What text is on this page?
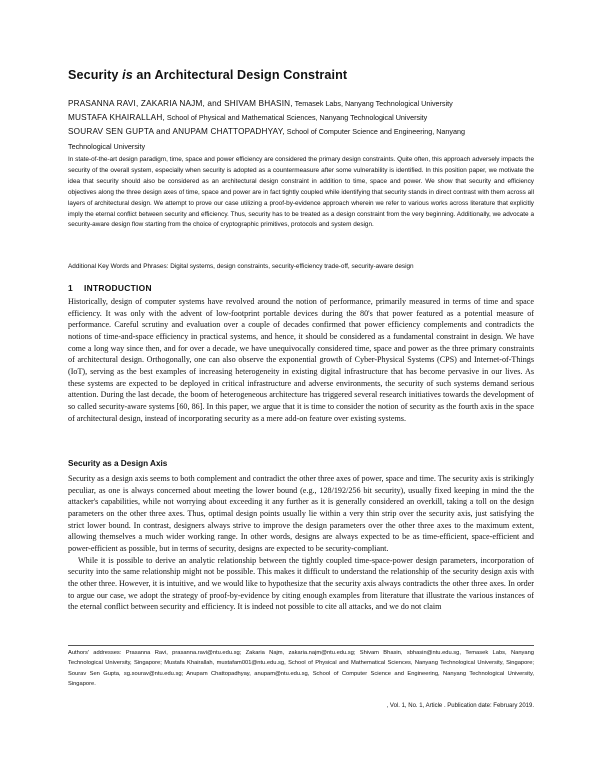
Security is an Architectural Design Constraint
PRASANNA RAVI, ZAKARIA NAJM, and SHIVAM BHASIN, Temasek Labs, Nanyang Technological University
MUSTAFA KHAIRALLAH, School of Physical and Mathematical Sciences, Nanyang Technological University
SOURAV SEN GUPTA and ANUPAM CHATTOPADHYAY, School of Computer Science and Engineering, Nanyang
Technological University
In state-of-the-art design paradigm, time, space and power efficiency are considered the primary design constraints. Quite often, this approach adversely impacts the security of the overall system, especially when security is adopted as a countermeasure after some vulnerability is identified. In this position paper, we motivate the idea that security should also be considered as an architectural design constraint in addition to time, space and power. We show that security and efficiency objectives along the three design axes of time, space and power are in fact tightly coupled while identifying that security stands in direct contrast with them across all layers of architectural design. We attempt to prove our case utilizing a proof-by-evidence approach wherein we refer to various works across literature that explicitly imply the eternal conflict between security and efficiency. Thus, security has to be treated as a design constraint from the very beginning. Additionally, we advocate a security-aware design flow starting from the choice of cryptographic primitives, protocols and system design.
Additional Key Words and Phrases: Digital systems, design constraints, security-efficiency trade-off, security-aware design
1 INTRODUCTION

Historically, design of computer systems have revolved around the notion of performance, primarily measured in terms of time and space efficiency. It was only with the advent of low-footprint portable devices during the 80's that power featured as a potential measure of performance. Careful scrutiny and evaluation over a couple of decades confirmed that power efficiency complements and contradicts the notions of time-and-space efficiency in practical systems, and hence, it should be considered as a fundamental constraint in design. We have come a long way since then, and for over a decade, we have unequivocally considered time, space and power as the three primary constraints of architectural design. Orthogonally, one can also observe the exponential growth of Cyber-Physical Systems (CPS) and Internet-of-Things (IoT), serving as the best examples of increasing heterogeneity in existing digital infrastructure that has become pervasive in our lives. As these systems are expected to be deployed in critical infrastructure and adverse environments, the security of such systems demand serious attention. During the last decade, the boom of heterogeneous architecture has triggered several research initiatives towards the development of so called security-aware systems [60, 86]. In this paper, we argue that it is time to consider the notion of security as the fourth axis in the space of architectural design, instead of incorporating security as a mere add-on feature over existing systems.

Security as a Design Axis

Security as a design axis seems to both complement and contradict the other three axes of power, space and time. The security axis is strikingly peculiar, as one is always concerned about meeting the lower bound (e.g., 128/192/256 bit security), usually fixed keeping in mind the the attacker's capabilities, while not worrying about exceeding it any further as it is generally considered an overkill, taking a toll on the design parameters on the other three axes. Thus, optimal design points usually lie within a very thin strip over the security axis, just satisfying the strict lower bound. In contrast, designers always strive to improve the design parameters over the other three axes to the maximum extent, allowing themselves a much wider working range. In other words, designs are always expected to be as time-efficient, space-efficient and power-efficient as possible, but in terms of security, designs are expected to be security-compliant.

While it is possible to derive an analytic relationship between the tightly coupled time-space-power design parameters, incorporation of security into the same relationship might not be possible. This makes it difficult to understand the relationship of the security design axis with the other three. However, it is intuitive, and we would like to hypothesize that the security axis always contradicts the other three axes. In order to argue our case, we adopt the strategy of proof-by-evidence by citing enough examples from literature that illustrate the various instances of the eternal conflict between security and efficiency. It is indeed not possible to cite all attacks, and we do not claim

Authors' addresses: Prasanna Ravi, prasanna.ravi@ntu.edu.sg; Zakaria Najm, zakaria.najm@ntu.edu.sg; Shivam Bhasin, sbhasin@ntu.edu.sg, Temasek Labs, Nanyang Technological University, Singapore; Mustafa Khairallah, mustafam001@ntu.edu.sg, School of Physical and Mathematical Sciences, Nanyang Technological University, Singapore; Sourav Sen Gupta, sg.sourav@ntu.edu.sg; Anupam Chattopadhyay, anupam@ntu.edu.sg, School of Computer Science and Engineering, Nanyang Technological University, Singapore.
, Vol. 1, No. 1, Article . Publication date: February 2019.
